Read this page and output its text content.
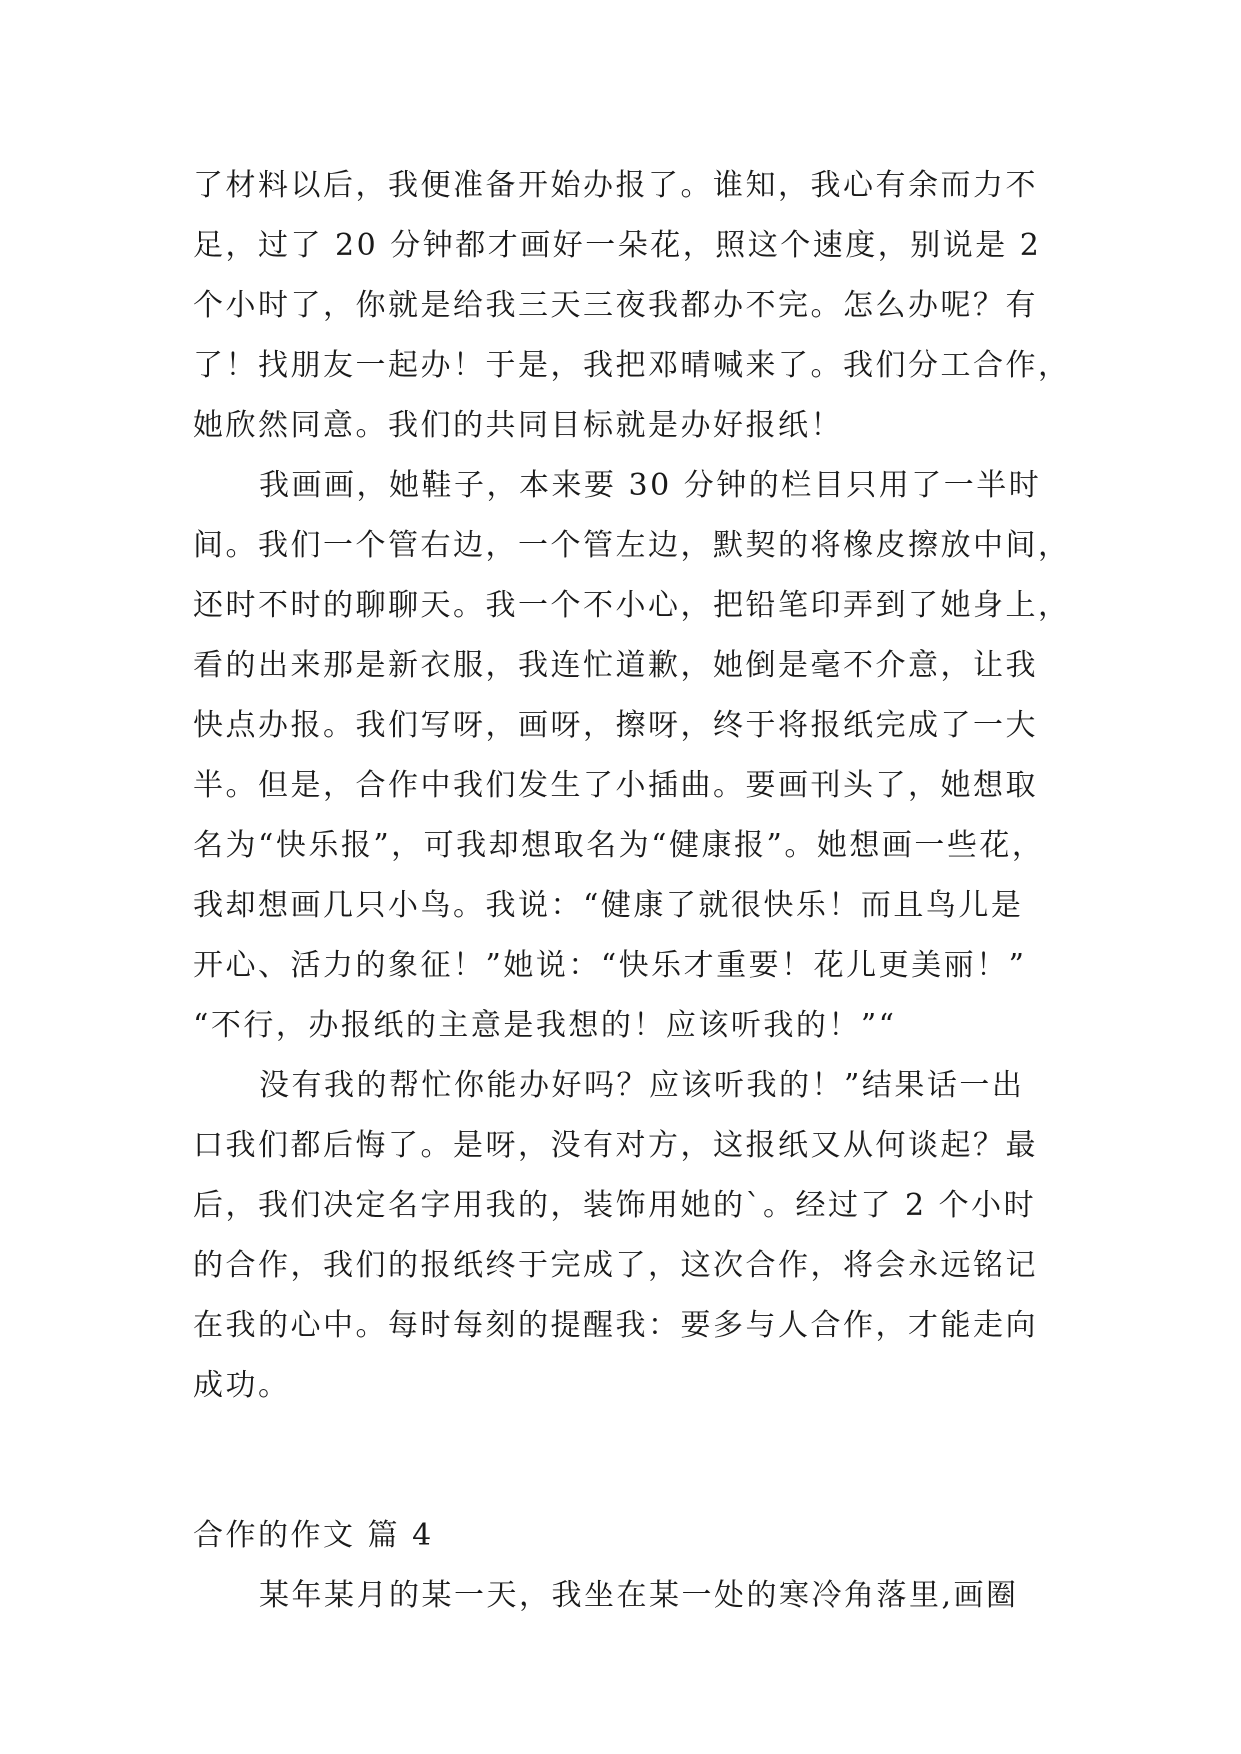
了材料以后，我便准备开始办报了。谁知，我心有余而力不
足，过了 20 分钟都才画好一朵花，照这个速度，别说是 2
个小时了，你就是给我三天三夜我都办不完。怎么办呢？有
了！找朋友一起办！于是，我把邓晴喊来了。我们分工合作，
她欣然同意。我们的共同目标就是办好报纸！
我画画，她鞋子，本来要 30 分钟的栏目只用了一半时
间。我们一个管右边，一个管左边，默契的将橡皮擦放中间，
还时不时的聊聊天。我一个不小心，把铅笔印弄到了她身上，
看的出来那是新衣服，我连忙道歉，她倒是毫不介意，让我
快点办报。我们写呀，画呀，擦呀，终于将报纸完成了一大
半。但是，合作中我们发生了小插曲。要画刊头了，她想取
名为“快乐报”，可我却想取名为“健康报”。她想画一些花，
我却想画几只小鸟。我说：“健康了就很快乐！而且鸟儿是
开心、活力的象征！”她说：“快乐才重要！花儿更美丽！”
“不行，办报纸的主意是我想的！应该听我的！”“
没有我的帮忙你能办好吗？应该听我的！”结果话一出
口我们都后悔了。是呀，没有对方，这报纸又从何谈起？最
后，我们决定名字用我的，装饰用她的`。经过了 2 个小时
的合作，我们的报纸终于完成了，这次合作，将会永远铭记
在我的心中。每时每刻的提醒我：要多与人合作，才能走向
成功。
合作的作文 篇 4
某年某月的某一天，我坐在某一处的寒冷角落里,画圈
